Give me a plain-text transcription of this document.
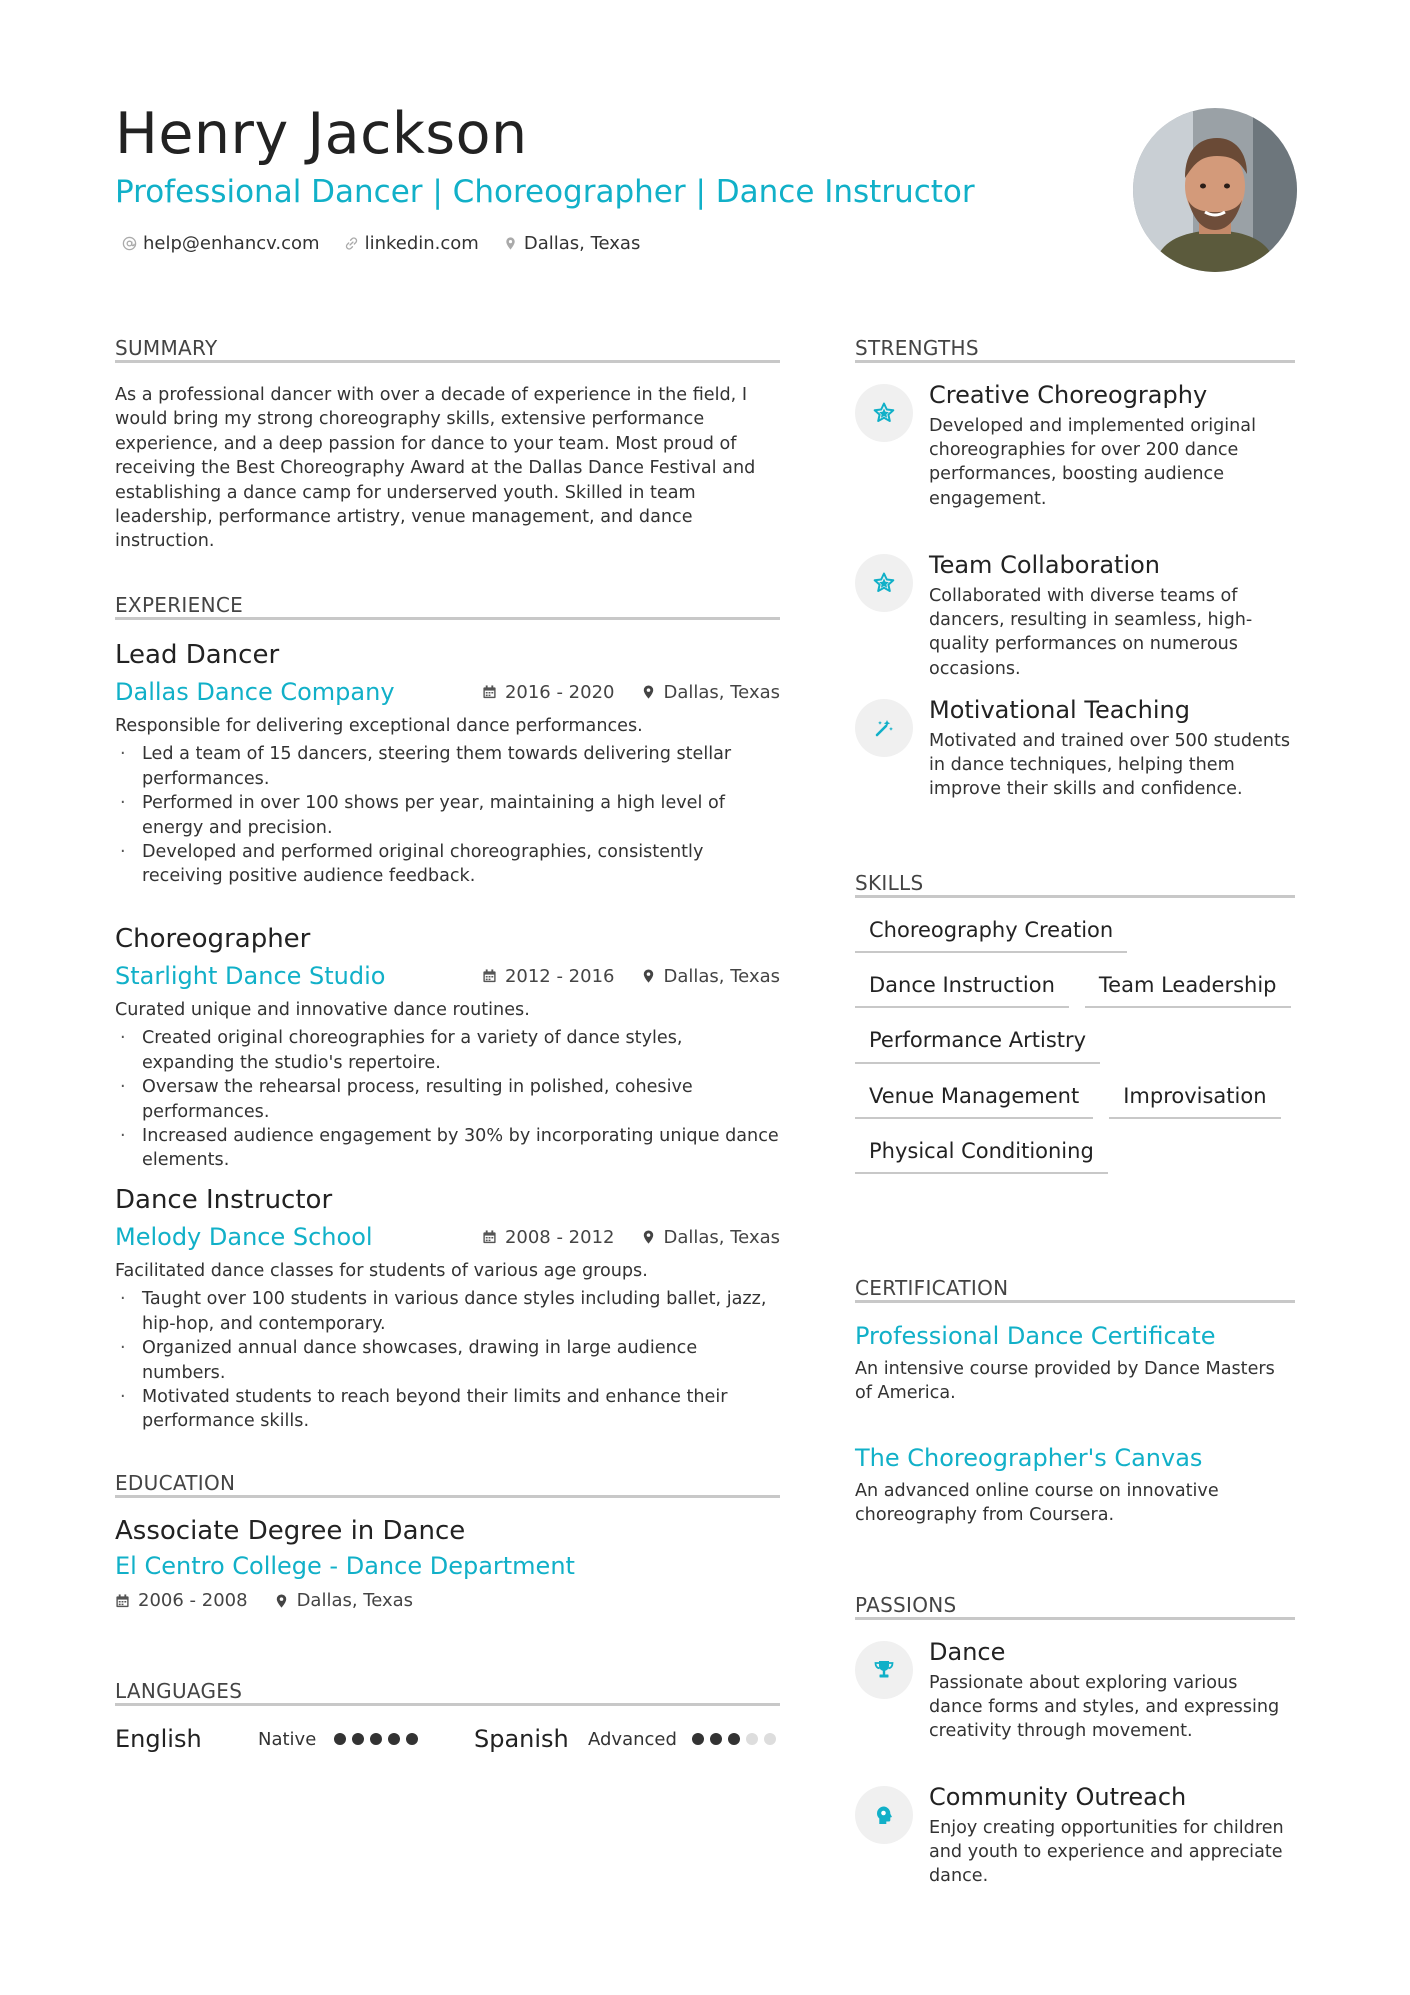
Henry Jackson
Professional Dancer | Choreographer | Dance Instructor
help@enhancv.com	linkedin.com	Dallas, Texas
SUMMARY
As a professional dancer with over a decade of experience in the field, I would bring my strong choreography skills, extensive performance experience, and a deep passion for dance to your team. Most proud of receiving the Best Choreography Award at the Dallas Dance Festival and establishing a dance camp for underserved youth. Skilled in team leadership, performance artistry, venue management, and dance instruction.
EXPERIENCE
Lead Dancer
Dallas Dance Company	2016 - 2020	Dallas, Texas
Responsible for delivering exceptional dance performances.
· Led a team of 15 dancers, steering them towards delivering stellar performances.
· Performed in over 100 shows per year, maintaining a high level of energy and precision.
· Developed and performed original choreographies, consistently receiving positive audience feedback.
Choreographer
Starlight Dance Studio	2012 - 2016	Dallas, Texas
Curated unique and innovative dance routines.
· Created original choreographies for a variety of dance styles, expanding the studio's repertoire.
· Oversaw the rehearsal process, resulting in polished, cohesive performances.
· Increased audience engagement by 30% by incorporating unique dance elements.
Dance Instructor
Melody Dance School	2008 - 2012	Dallas, Texas
Facilitated dance classes for students of various age groups.
· Taught over 100 students in various dance styles including ballet, jazz, hip-hop, and contemporary.
· Organized annual dance showcases, drawing in large audience numbers.
· Motivated students to reach beyond their limits and enhance their performance skills.
EDUCATION
Associate Degree in Dance
El Centro College - Dance Department
2006 - 2008	Dallas, Texas
LANGUAGES
English	Native	Spanish	Advanced
STRENGTHS
Creative Choreography
Developed and implemented original choreographies for over 200 dance performances, boosting audience engagement.
Team Collaboration
Collaborated with diverse teams of dancers, resulting in seamless, high-quality performances on numerous occasions.
Motivational Teaching
Motivated and trained over 500 students in dance techniques, helping them improve their skills and confidence.
SKILLS
Choreography Creation
Dance Instruction	Team Leadership
Performance Artistry
Venue Management	Improvisation
Physical Conditioning
CERTIFICATION
Professional Dance Certificate
An intensive course provided by Dance Masters of America.
The Choreographer's Canvas
An advanced online course on innovative choreography from Coursera.
PASSIONS
Dance
Passionate about exploring various dance forms and styles, and expressing creativity through movement.
Community Outreach
Enjoy creating opportunities for children and youth to experience and appreciate dance.
